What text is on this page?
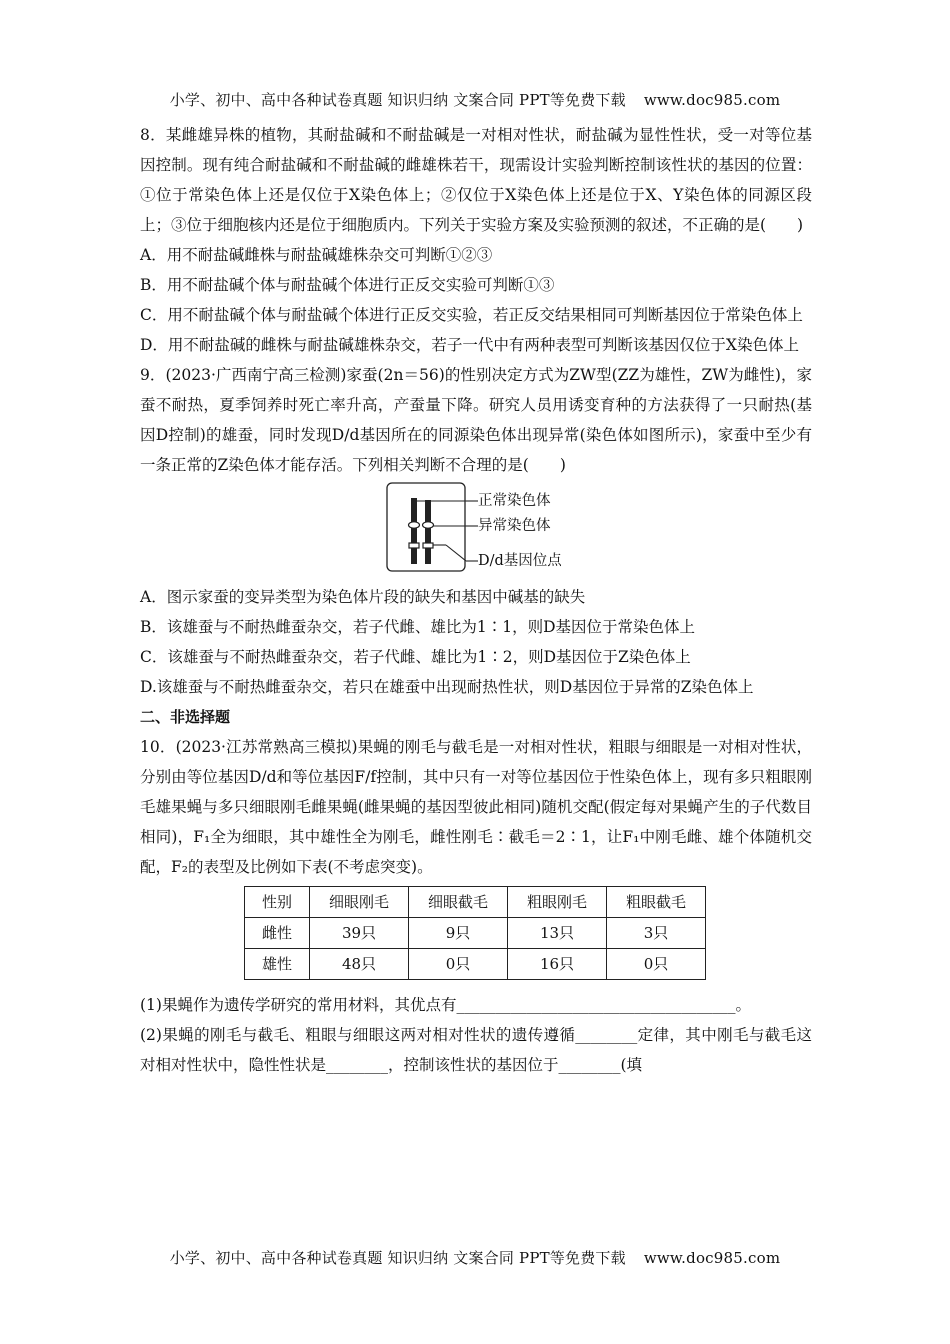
小学、初中、高中各种试卷真题 知识归纳 文案合同 PPT等免费下载 www.doc985.com

8．某雌雄异株的植物，其耐盐碱和不耐盐碱是一对相对性状，耐盐碱为显性性状，受一对等位基因控制。现有纯合耐盐碱和不耐盐碱的雌雄株若干，现需设计实验判断控制该性状的基因的位置：①位于常染色体上还是仅位于X染色体上；②仅位于X染色体上还是位于X、Y染色体的同源区段上；③位于细胞核内还是位于细胞质内。下列关于实验方案及实验预测的叙述，不正确的是(　　)

A．用不耐盐碱雌株与耐盐碱雄株杂交可判断①②③

B．用不耐盐碱个体与耐盐碱个体进行正反交实验可判断①③

C．用不耐盐碱个体与耐盐碱个体进行正反交实验，若正反交结果相同可判断基因位于常染色体上

D．用不耐盐碱的雌株与耐盐碱雄株杂交，若子一代中有两种表型可判断该基因仅位于X染色体上

9．(2023·广西南宁高三检测)家蚕(2n＝56)的性别决定方式为ZW型(ZZ为雄性，ZW为雌性)，家蚕不耐热，夏季饲养时死亡率升高，产蚕量下降。研究人员用诱变育种的方法获得了一只耐热(基因D控制)的雄蚕，同时发现D/d基因所在的同源染色体出现异常(染色体如图所示)，家蚕中至少有一条正常的Z染色体才能存活。下列相关判断不合理的是(　　)

正常染色体
异常染色体
D/d基因位点

A．图示家蚕的变异类型为染色体片段的缺失和基因中碱基的缺失

B．该雄蚕与不耐热雌蚕杂交，若子代雌、雄比为1∶1，则D基因位于常染色体上

C．该雄蚕与不耐热雌蚕杂交，若子代雌、雄比为1∶2，则D基因位于Z染色体上

D.该雄蚕与不耐热雌蚕杂交，若只在雄蚕中出现耐热性状，则D基因位于异常的Z染色体上

二、非选择题

10．(2023·江苏常熟高三模拟)果蝇的刚毛与截毛是一对相对性状，粗眼与细眼是一对相对性状，分别由等位基因D/d和等位基因F/f控制，其中只有一对等位基因位于性染色体上，现有多只粗眼刚毛雄果蝇与多只细眼刚毛雌果蝇(雌果蝇的基因型彼此相同)随机交配(假定每对果蝇产生的子代数目相同)，F₁全为细眼，其中雄性全为刚毛，雌性刚毛∶截毛＝2∶1，让F₁中刚毛雌、雄个体随机交配，F₂的表型及比例如下表(不考虑突变)。

性别	细眼刚毛	细眼截毛	粗眼刚毛	粗眼截毛
雌性	39只	9只	13只	3只
雄性	48只	0只	16只	0只

(1)果蝇作为遗传学研究的常用材料，其优点有____________________________________。

(2)果蝇的刚毛与截毛、粗眼与细眼这两对相对性状的遗传遵循________定律，其中刚毛与截毛这对相对性状中，隐性性状是________，控制该性状的基因位于________(填

小学、初中、高中各种试卷真题 知识归纳 文案合同 PPT等免费下载 www.doc985.com
